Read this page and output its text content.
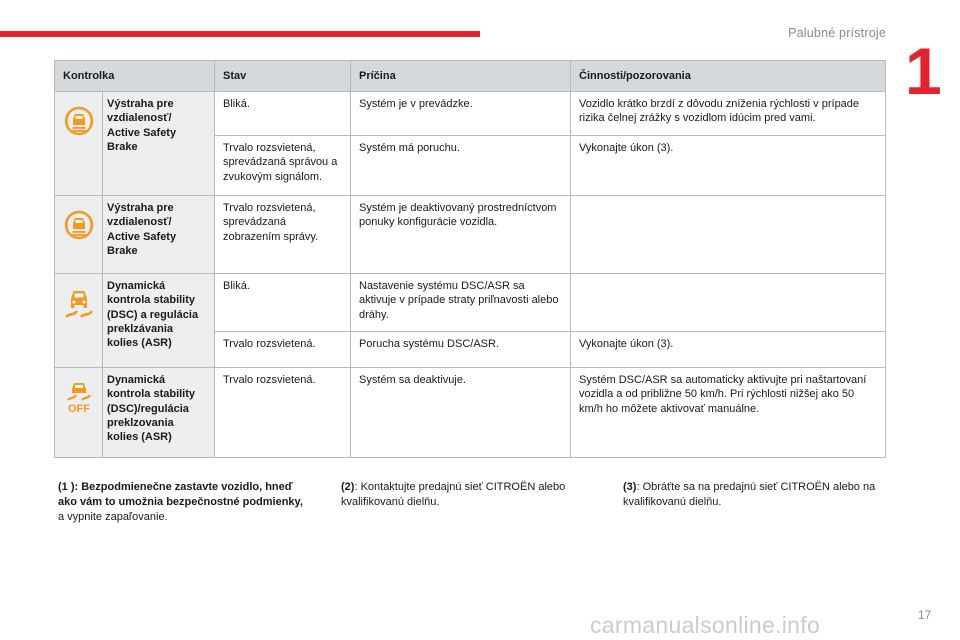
Palubné prístroje
1
Kontrolka		Stav	Príčina	Činnosti/pozorovania
	Výstraha pre vzdialenosť/ Active Safety Brake	Bliká.	Systém je v prevádzke.	Vozidlo krátko brzdí z dôvodu zníženia rýchlosti v prípade rizika čelnej zrážky s vozidlom idúcim pred vami.
		Trvalo rozsvietená, sprevádzaná správou a zvukovým signálom.	Systém má poruchu.	Vykonajte úkon (3).
	Výstraha pre vzdialenosť/ Active Safety Brake	Trvalo rozsvietená, sprevádzaná zobrazením správy.	Systém je deaktivovaný prostredníctvom ponuky konfigurácie vozidla.	
	Dynamická kontrola stability (DSC) a regulácia preklzávania kolies (ASR)	Bliká.	Nastavenie systému DSC/ASR sa aktivuje v prípade straty priľnavosti alebo dráhy.	
		Trvalo rozsvietená.	Porucha systému DSC/ASR.	Vykonajte úkon (3).

OFF	Dynamická kontrola stability (DSC)/regulácia preklzovania kolies (ASR)	Trvalo rozsvietená.	Systém sa deaktivuje.	Systém DSC/ASR sa automaticky aktivujte pri naštartovaní vozidla a od približne 50 km/h. Pri rýchlosti nižšej ako 50 km/h ho môžete aktivovať manuálne.
(1 ): Bezpodmienečne zastavte vozidlo, hneď ako vám to umožnia bezpečnostné podmienky, a vypnite zapaľovanie.
(2): Kontaktujte predajnú sieť CITROËN alebo kvalifikovanú dielňu.
(3): Obráťte sa na predajnú sieť CITROËN alebo na kvalifikovanú dielňu.
carmanualsonline.info	17
